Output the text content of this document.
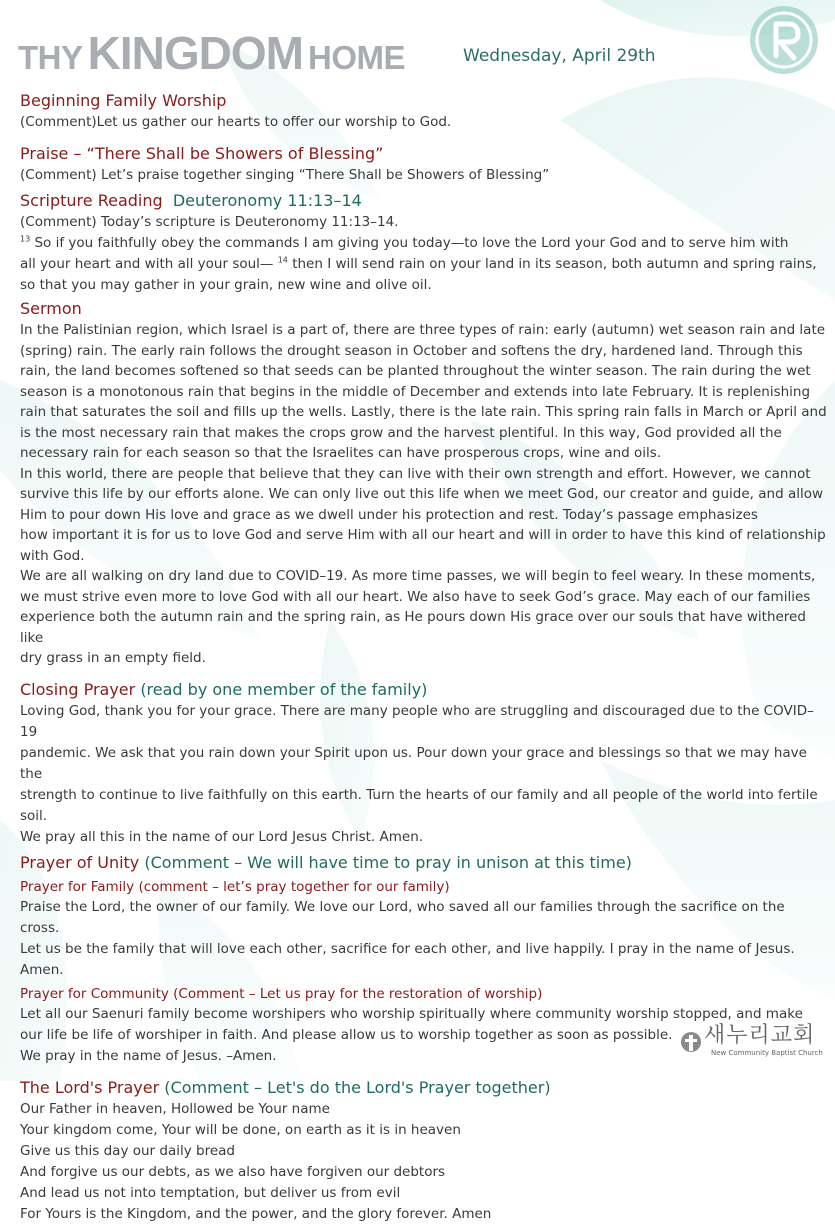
THY KINGDOM HOME	Wednesday, April 29th
Beginning Family Worship

(Comment)Let us gather our hearts to offer our worship to God.

Praise – “There Shall be Showers of Blessing”

(Comment) Let’s praise together singing “There Shall be Showers of Blessing”

Scripture Reading Deuteronomy 11:13–14

(Comment) Today’s scripture is Deuteronomy 11:13–14.

$^{13}$ So if you faithfully obey the commands I am giving you today—to love the Lord your God and to serve him with

all your heart and with all your soul— $^{14}$ then I will send rain on your land in its season, both autumn and spring rains,

so that you may gather in your grain, new wine and olive oil.

Sermon

In the Palistinian region, which Israel is a part of, there are three types of rain: early (autumn) wet season rain and late

(spring) rain. The early rain follows the drought season in October and softens the dry, hardened land. Through this

rain, the land becomes softened so that seeds can be planted throughout the winter season. The rain during the wet

season is a monotonous rain that begins in the middle of December and extends into late February. It is replenishing

rain that saturates the soil and fills up the wells. Lastly, there is the late rain. This spring rain falls in March or April and

is the most necessary rain that makes the crops grow and the harvest plentiful. In this way, God provided all the

necessary rain for each season so that the Israelites can have prosperous crops, wine and oils.

In this world, there are people that believe that they can live with their own strength and effort. However, we cannot

survive this life by our efforts alone. We can only live out this life when we meet God, our creator and guide, and allow

Him to pour down His love and grace as we dwell under his protection and rest. Today’s passage emphasizes

how important it is for us to love God and serve Him with all our heart and will in order to have this kind of relationship

with God.

We are all walking on dry land due to COVID–19. As more time passes, we will begin to feel weary. In these moments,

we must strive even more to love God with all our heart. We also have to seek God’s grace. May each of our families

experience both the autumn rain and the spring rain, as He pours down His grace over our souls that have withered like

dry grass in an empty field.

Closing Prayer (read by one member of the family)

Loving God, thank you for your grace. There are many people who are struggling and discouraged due to the COVID–19

pandemic. We ask that you rain down your Spirit upon us. Pour down your grace and blessings so that we may have the

strength to continue to live faithfully on this earth. Turn the hearts of our family and all people of the world into fertile soil.

We pray all this in the name of our Lord Jesus Christ. Amen.

Prayer of Unity (Comment – We will have time to pray in unison at this time)
Prayer for Family (comment – let’s pray together for our family)

Praise the Lord, the owner of our family. We love our Lord, who saved all our families through the sacrifice on the cross.

Let us be the family that will love each other, sacrifice for each other, and live happily. I pray in the name of Jesus. Amen.

Prayer for Community (Comment – Let us pray for the restoration of worship)

Let all our Saenuri family become worshipers who worship spiritually where community worship stopped, and make

our life be life of worshiper in faith. And please allow us to worship together as soon as possible.

We pray in the name of Jesus. –Amen.

The Lord's Prayer (Comment – Let's do the Lord's Prayer together)

Our Father in heaven, Hollowed be Your name

Your kingdom come, Your will be done, on earth as it is in heaven

Give us this day our daily bread

And forgive us our debts, as we also have forgiven our debtors

And lead us not into temptation, but deliver us from evil

For Yours is the Kingdom, and the power, and the glory forever. Amen

새누리교회
New Community Baptist Church
